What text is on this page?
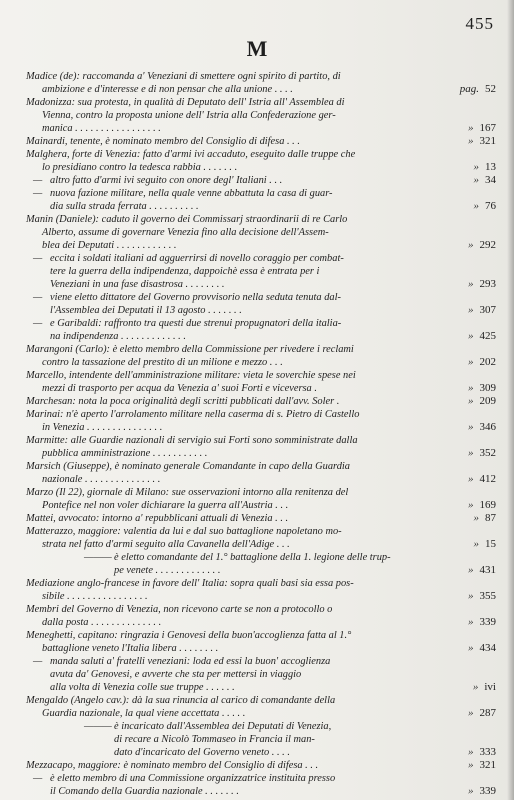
455
M
Madice (de): raccomanda a' Veneziani di smettere ogni spirito di partito, di
ambizione e d'interesse e di non pensar che alla unione . . . .	pag. 52
Madonizza: sua protesta, in qualità di Deputato dell' Istria all' Assemblea di
Vienna, contro la proposta unione dell' Istria alla Confederazione ger-
manica . . . . . . . . . . . . . . . . .	» 167
Mainardi, tenente, è nominato membro del Consiglio di difesa . . .	» 321
Malghera, forte di Venezia: fatto d'armi ivi accaduto, eseguito dalle truppe che
lo presidiano contro la tedesca rabbia . . . . . . .	» 13
— altro fatto d'armi ivi seguito con onore degl' Italiani . . .	» 34
— nuova fazione militare, nella quale venne abbattuta la casa di guar-
dia sulla strada ferrata . . . . . . . . . .	» 76
Manin (Daniele): caduto il governo dei Commissarj straordinarii di re Carlo
Alberto, assume di governare Venezia fino alla decisione dell'Assem-
blea dei Deputati . . . . . . . . . . . .	» 292
— eccita i soldati italiani ad agguerrirsi di novello coraggio per combat-
tere la guerra della indipendenza, dappoichè essa è entrata per i
Veneziani in una fase disastrosa . . . . . . . .	» 293
— viene eletto dittatore del Governo provvisorio nella seduta tenuta dal-
l'Assemblea dei Deputati il 13 agosto . . . . . . .	» 307
— e Garibaldi: raffronto tra questi due strenui propugnatori della italia-
na indipendenza . . . . . . . . . . . . .	» 425
Marangoni (Carlo): è eletto membro della Commissione per rivedere i reclami
contro la tassazione del prestito di un milione e mezzo . . .	» 202
Marcello, intendente dell'amministrazione militare: vieta le soverchie spese nei
mezzi di trasporto per acqua da Venezia a' suoi Forti e viceversa .	» 309
Marchesan: nota la poca originalità degli scritti pubblicati dall'avv. Soler .	» 209
Marinai: n'è aperto l'arrolamento militare nella caserma di s. Pietro di Castello
in Venezia . . . . . . . . . . . . . . .	» 346
Marmitte: alle Guardie nazionali di servigio sui Forti sono somministrate dalla
pubblica amministrazione . . . . . . . . . . .	» 352
Marsich (Giuseppe), è nominato generale Comandante in capo della Guardia
nazionale . . . . . . . . . . . . . . .	» 412
Marzo (Il 22), giornale di Milano: sue osservazioni intorno alla renitenza del
Pontefice nel non voler dichiarare la guerra all'Austria . . .	» 169
Mattei, avvocato: intorno a' repubblicani attuali di Venezia . . .	» 87
Matterazzo, maggiore: valentia da lui e dal suo battaglione napoletano mo-
strata nel fatto d'armi seguito alla Cavanella dell'Adige . . .	» 15
——— è eletto comandante del 1.° battaglione della 1. legione delle trup-
pe venete . . . . . . . . . . . . .	» 431
Mediazione anglo-francese in favore dell' Italia: sopra quali basi sia essa pos-
sibile . . . . . . . . . . . . . . . .	» 355
Membri del Governo di Venezia, non ricevono carte se non a protocollo o
dalla posta . . . . . . . . . . . . . .	» 339
Meneghetti, capitano: ringrazia i Genovesi della buon'accoglienza fatta al 1.°
battaglione veneto l'Italia libera . . . . . . . .	» 434
— manda saluti a' fratelli veneziani: loda ed essi la buon' accoglienza
avuta da' Genovesi, e avverte che sta per mettersi in viaggio
alla volta di Venezia colle sue truppe . . . . . .	» ivi
Mengaldo (Angelo cav.): dà la sua rinuncia al carico di comandante della
Guardia nazionale, la qual viene accettata . . . . .	» 287
——— è incaricato dall'Assemblea dei Deputati di Venezia,
di recare a Nicolò Tommaseo in Francia il man-
dato d'incaricato del Governo veneto . . . .	» 333
Mezzacapo, maggiore: è nominato membro del Consiglio di difesa . . .	» 321
— è eletto membro di una Commissione organizzatrice instituita presso
il Comando della Guardia nazionale . . . . . . .	» 339
